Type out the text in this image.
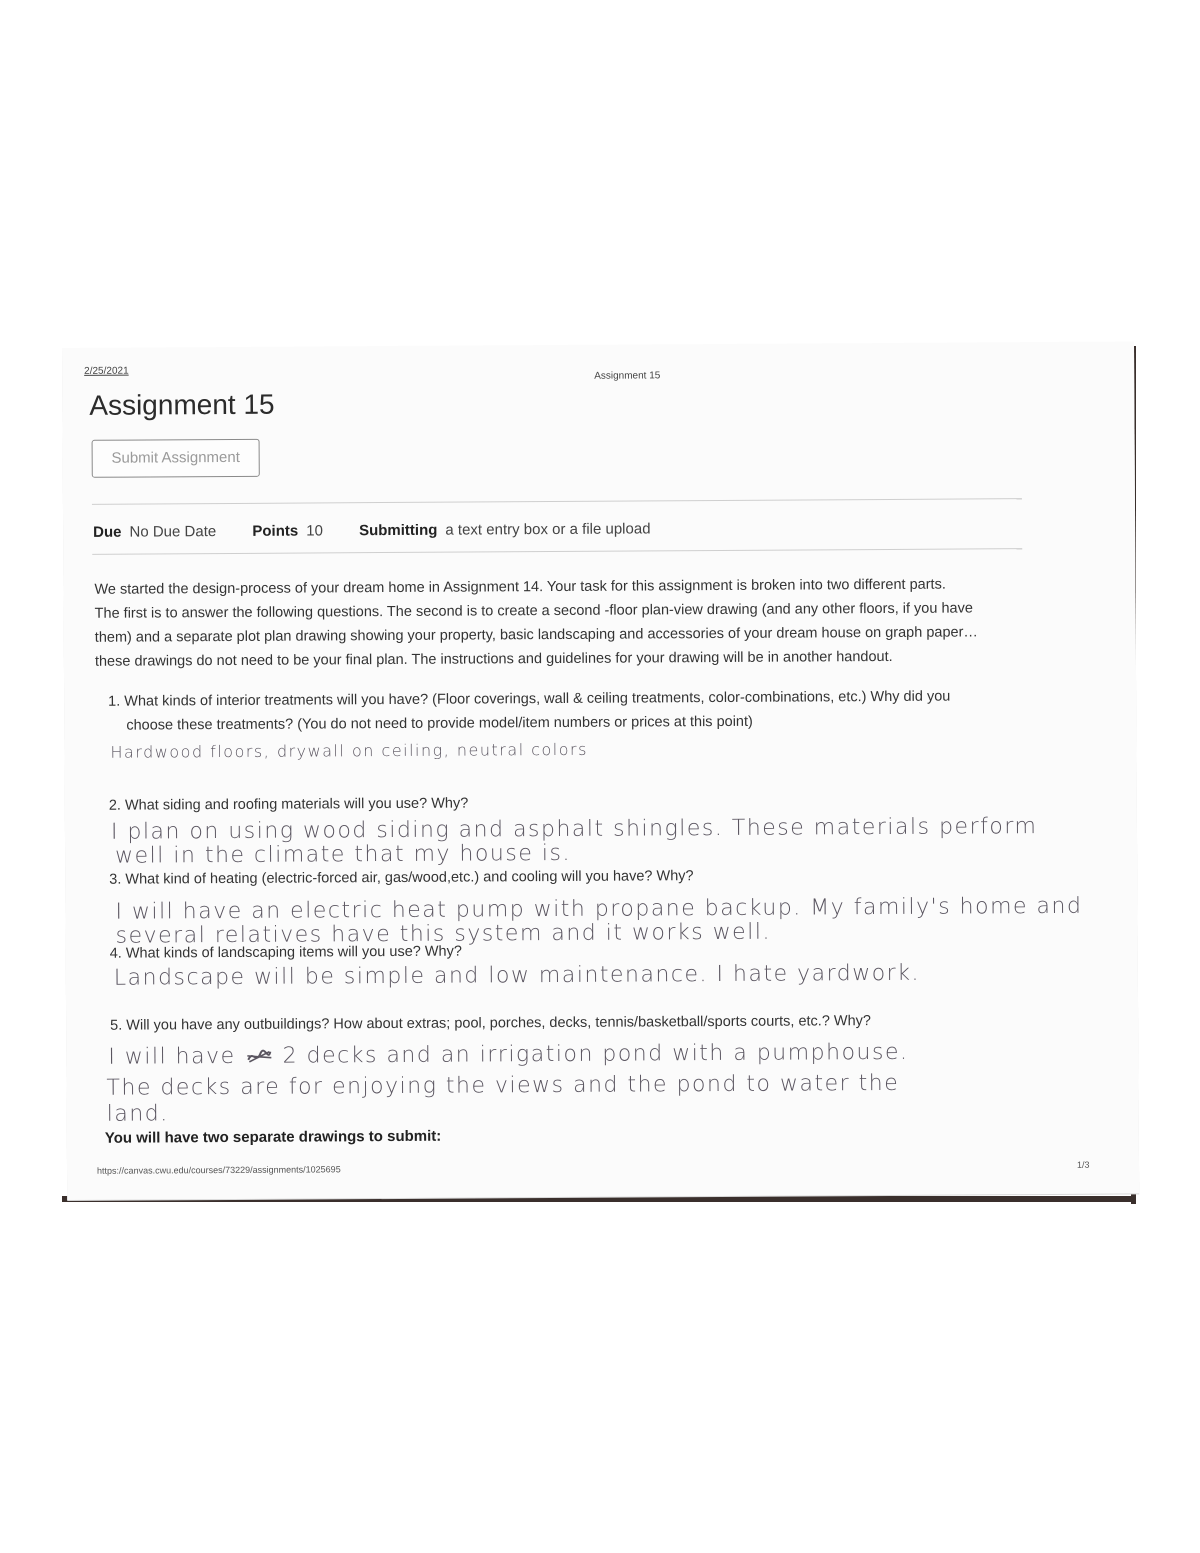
2/25/2021	Assignment 15
Assignment 15
Submit Assignment
Due No Due Date Points 10 Submitting a text entry box or a file upload
We started the design-process of your dream home in Assignment 14. Your task for this assignment is broken into two different parts.
The first is to answer the following questions. The second is to create a second -floor plan-view drawing (and any other floors, if you have
them) and a separate plot plan drawing showing your property, basic landscaping and accessories of your dream house on graph paper…
these drawings do not need to be your final plan. The instructions and guidelines for your drawing will be in another handout.
1. What kinds of interior treatments will you have? (Floor coverings, wall & ceiling treatments, color-combinations, etc.) Why did you
choose these treatments? (You do not need to provide model/item numbers or prices at this point)
Hardwood floors, drywall on ceiling, neutral colors
2. What siding and roofing materials will you use? Why?
I plan on using wood siding and asphalt shingles. These materials perform
well in the climate that my house is.
3. What kind of heating (electric-forced air, gas/wood,etc.) and cooling will you have? Why?
I will have an electric heat pump with propane backup. My family's home and
several relatives have this system and it works well.
4. What kinds of landscaping items will you use? Why?
Landscape will be simple and low maintenance. I hate yardwork.
5. Will you have any outbuildings? How about extras; pool, porches, decks, tennis/basketball/sports courts, etc.? Why?
I will have 2 decks and an irrigation pond with a pumphouse.
The decks are for enjoying the views and the pond to water the
land.
You will have two separate drawings to submit:
https://canvas.cwu.edu/courses/73229/assignments/1025695	1/3
